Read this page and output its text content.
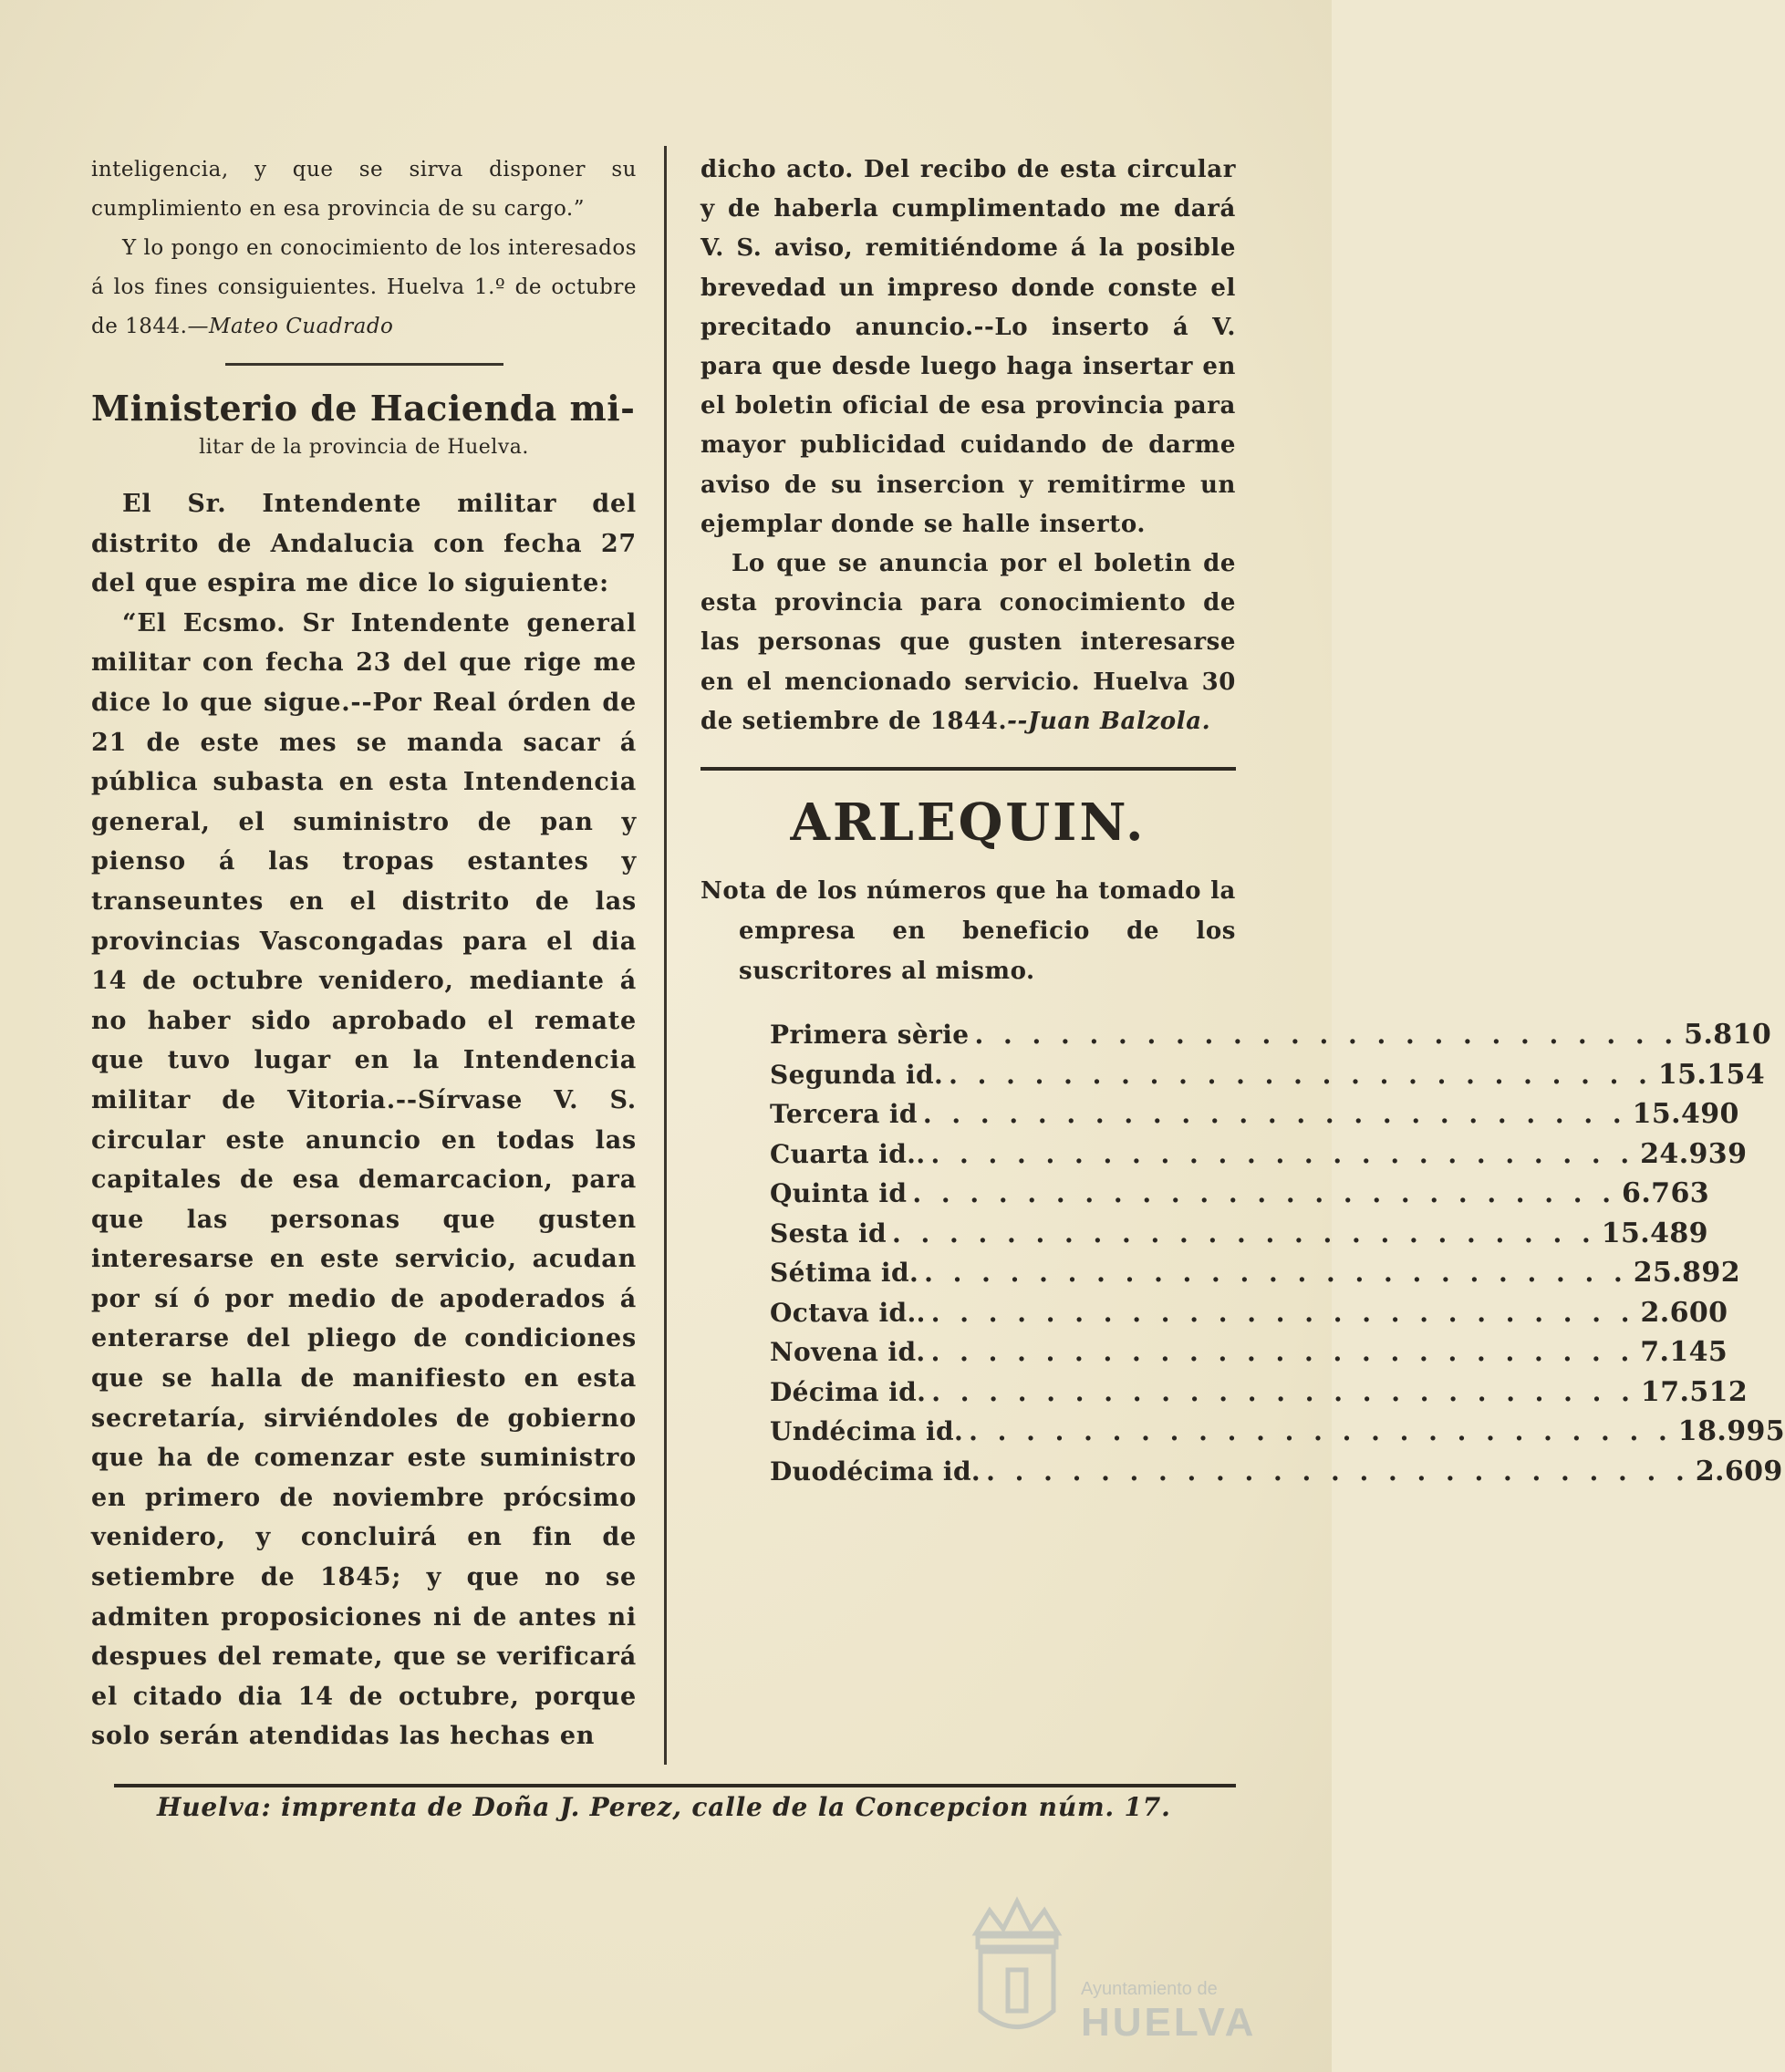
inteligencia, y que se sirva disponer su cumplimiento en esa provincia de su cargo.”

Y lo pongo en conocimiento de los interesados á los fines consiguientes. Huelva 1.º de octubre de 1844.—Mateo Cuadrado

Ministerio de Hacienda mi-
litar de la provincia de Huelva.

El Sr. Intendente militar del distrito de Andalucia con fecha 27 del que espira me dice lo siguiente:

“El Ecsmo. Sr Intendente general militar con fecha 23 del que rige me dice lo que sigue.--Por Real órden de 21 de este mes se manda sacar á pública subasta en esta Intendencia general, el suministro de pan y pienso á las tropas estantes y transeuntes en el distrito de las provincias Vascongadas para el dia 14 de octubre venidero, mediante á no haber sido aprobado el remate que tuvo lugar en la Intendencia militar de Vitoria.--Sírvase V. S. circular este anuncio en todas las capitales de esa demarcacion, para que las personas que gusten interesarse en este servicio, acudan por sí ó por medio de apoderados á enterarse del pliego de condiciones que se halla de manifiesto en esta secretaría, sirviéndoles de gobierno que ha de comenzar este suministro en primero de noviembre prócsimo venidero, y concluirá en fin de setiembre de 1845; y que no se admiten proposiciones ni de antes ni despues del remate, que se verificará el citado dia 14 de octubre, porque solo serán atendidas las hechas en

dicho acto. Del recibo de esta circular y de haberla cumplimentado me dará V. S. aviso, remitiéndome á la posible brevedad un impreso donde conste el precitado anuncio.--Lo inserto á V. para que desde luego haga insertar en el boletin oficial de esa provincia para mayor publicidad cuidando de darme aviso de su insercion y remitirme un ejemplar donde se halle inserto.

Lo que se anuncia por el boletin de esta provincia para conocimiento de las personas que gusten interesarse en el mencionado servicio. Huelva 30 de setiembre de 1844.--Juan Balzola.

ARLEQUIN.

Nota de los números que ha tomado la empresa en beneficio de los suscritores al mismo.

Primera sèrie . . . . . . . . . . . . . . . . . . . . . . . . . 5.810
Segunda id. . . . . . . . . . . . . . . . . . . . . . . . . . 15.154
Tercera id . . . . . . . . . . . . . . . . . . . . . . . . . 15.490
Cuarta id.. . . . . . . . . . . . . . . . . . . . . . . . . . 24.939
Quinta id . . . . . . . . . . . . . . . . . . . . . . . . . 6.763
Sesta id . . . . . . . . . . . . . . . . . . . . . . . . . 15.489
Sétima id. . . . . . . . . . . . . . . . . . . . . . . . . . 25.892
Octava id.. . . . . . . . . . . . . . . . . . . . . . . . . . 2.600
Novena id. . . . . . . . . . . . . . . . . . . . . . . . . . 7.145
Décima id. . . . . . . . . . . . . . . . . . . . . . . . . . 17.512
Undécima id. . . . . . . . . . . . . . . . . . . . . . . . . . 18.995
Duodécima id. . . . . . . . . . . . . . . . . . . . . . . . . . 2.609
Huelva: imprenta de Doña J. Perez, calle de la Concepcion núm. 17.
Ayuntamiento de
HUELVA
